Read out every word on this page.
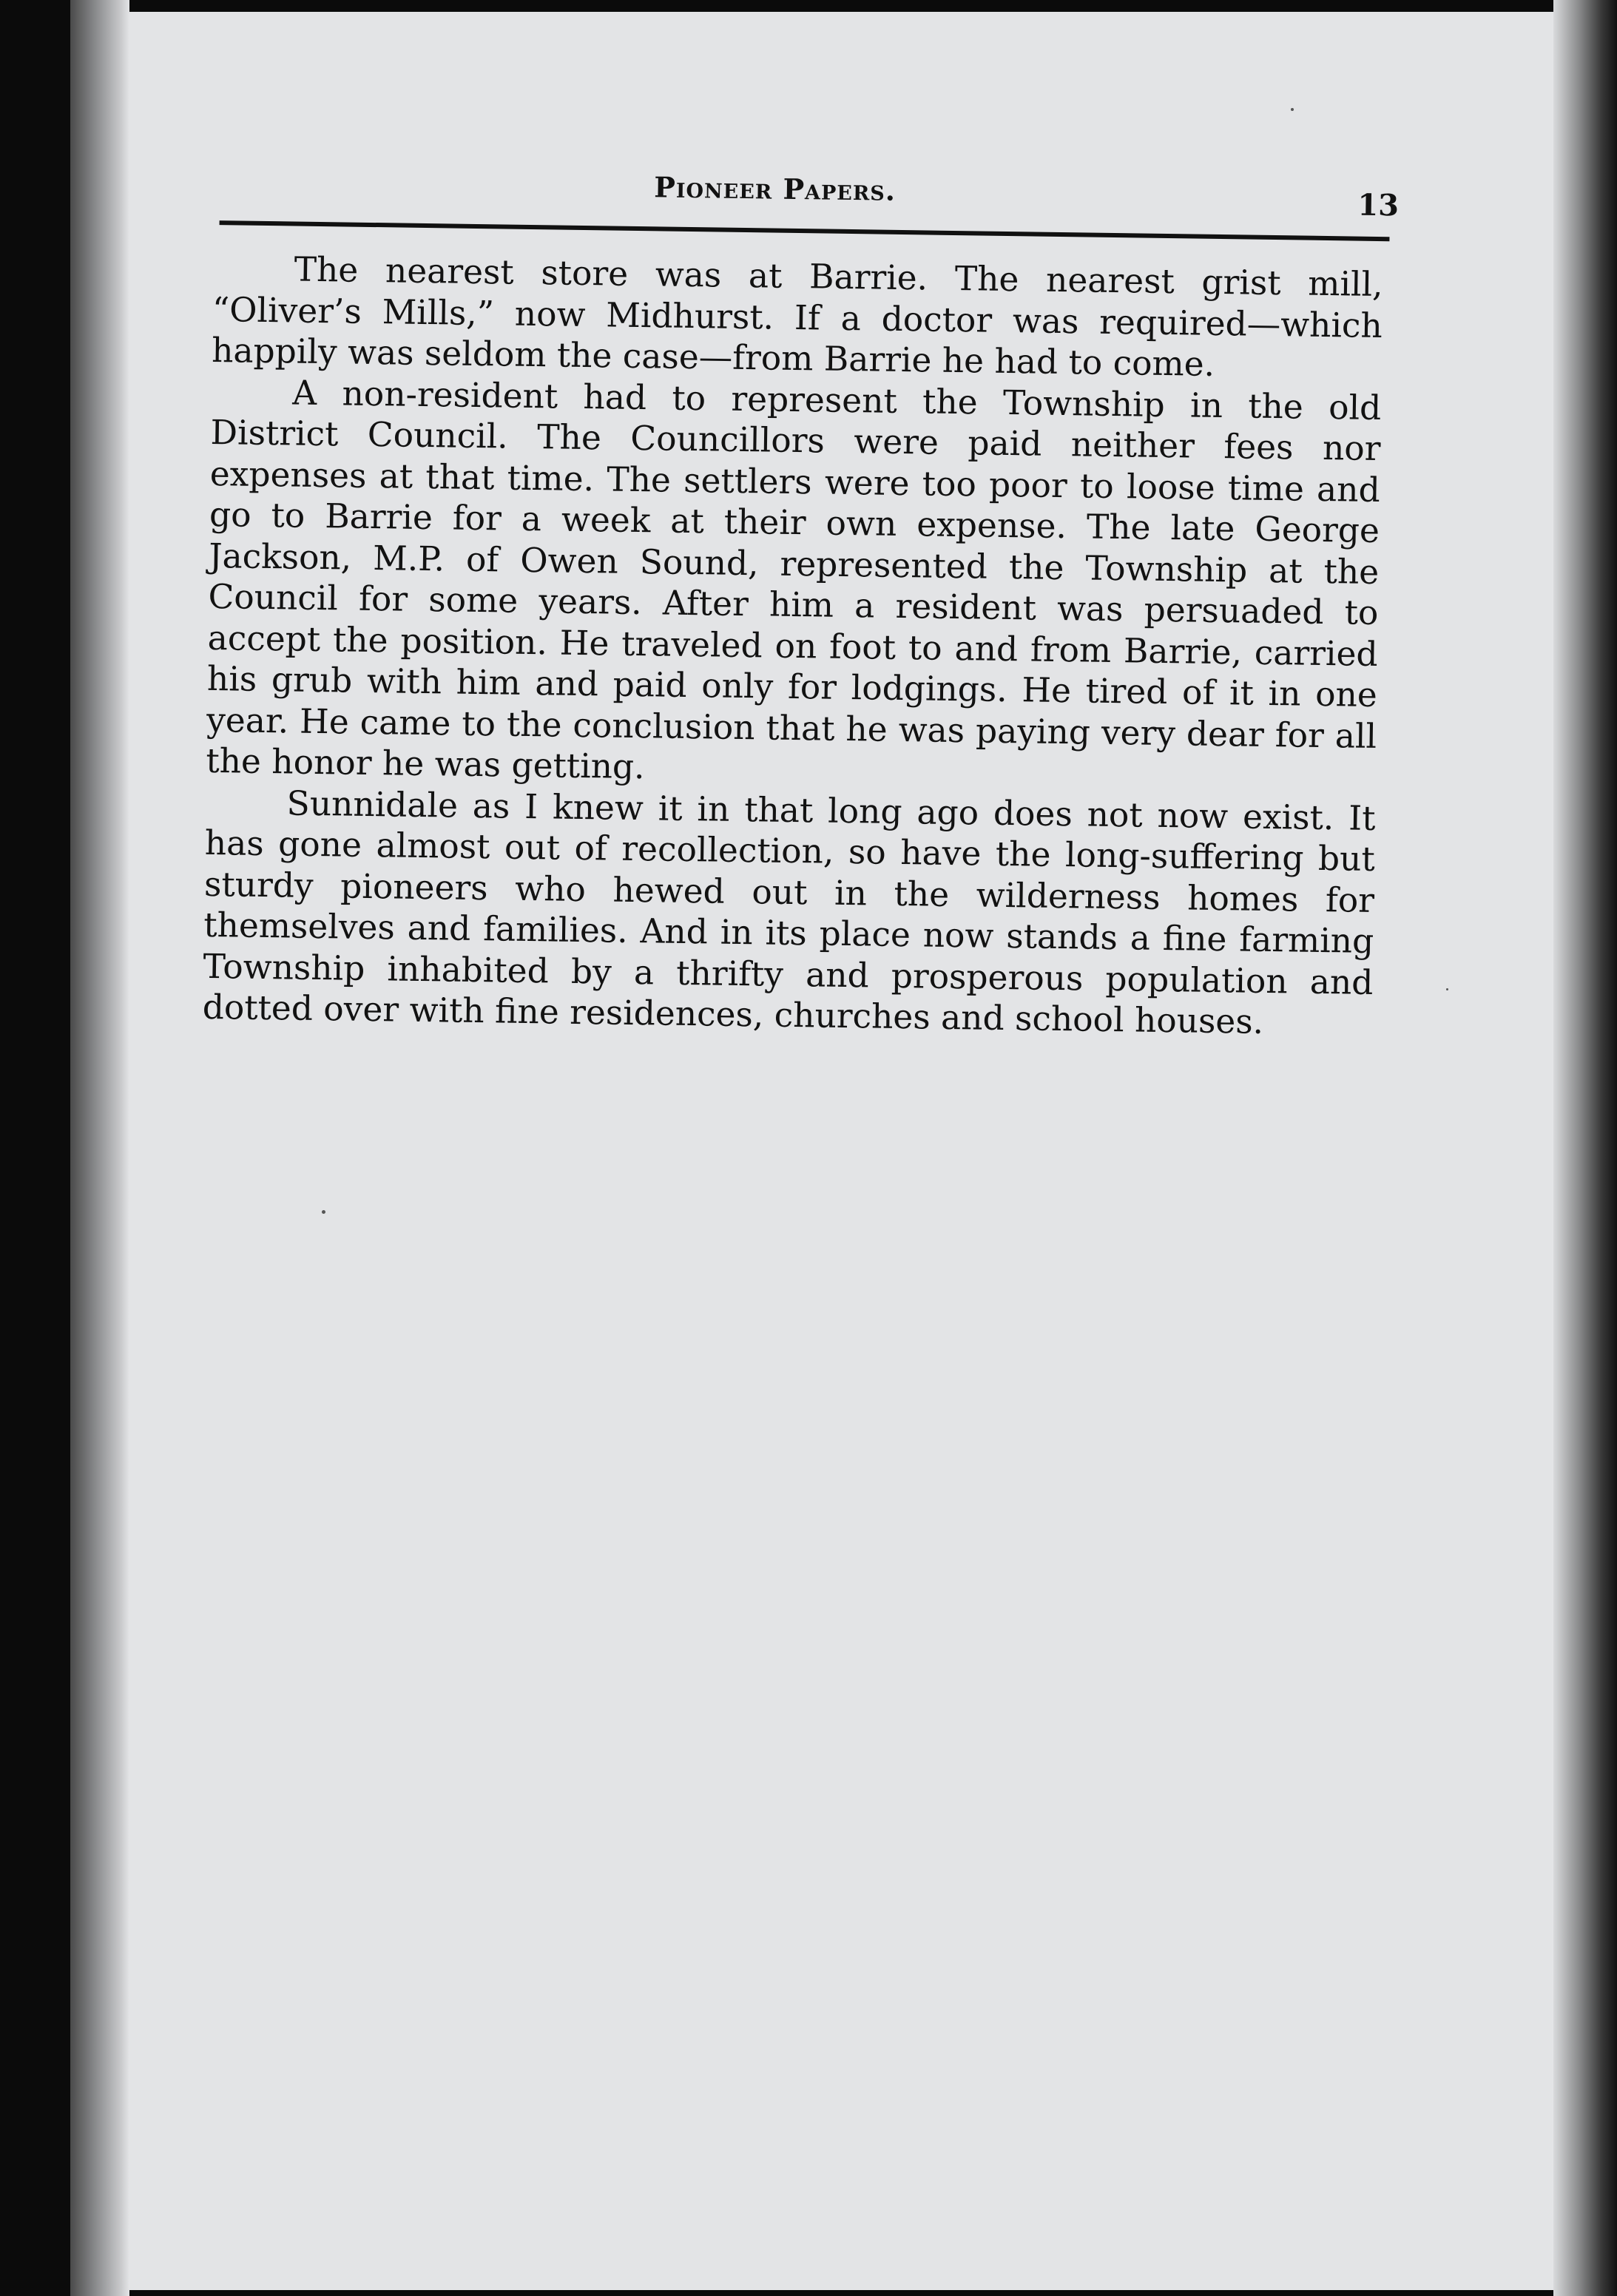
Pioneer Papers.	13

The nearest store was at Barrie. The nearest grist mill, “Oliver’s Mills,” now Midhurst. If a doctor was required—which happily was seldom the case—from Barrie he had to come.

A non-resident had to represent the Township in the old District Council. The Councillors were paid neither fees nor expenses at that time. The settlers were too poor to loose time and go to Barrie for a week at their own expense. The late George Jackson, M.P. of Owen Sound, represented the Township at the Council for some years. After him a resident was persuaded to accept the position. He traveled on foot to and from Barrie, carried his grub with him and paid only for lodgings. He tired of it in one year. He came to the conclusion that he was paying very dear for all the honor he was getting.

Sunnidale as I knew it in that long ago does not now exist. It has gone almost out of recollection, so have the long-suffering but sturdy pioneers who hewed out in the wilderness homes for themselves and families. And in its place now stands a fine farming Township inhabited by a thrifty and prosperous population and dotted over with fine residences, churches and school houses.
